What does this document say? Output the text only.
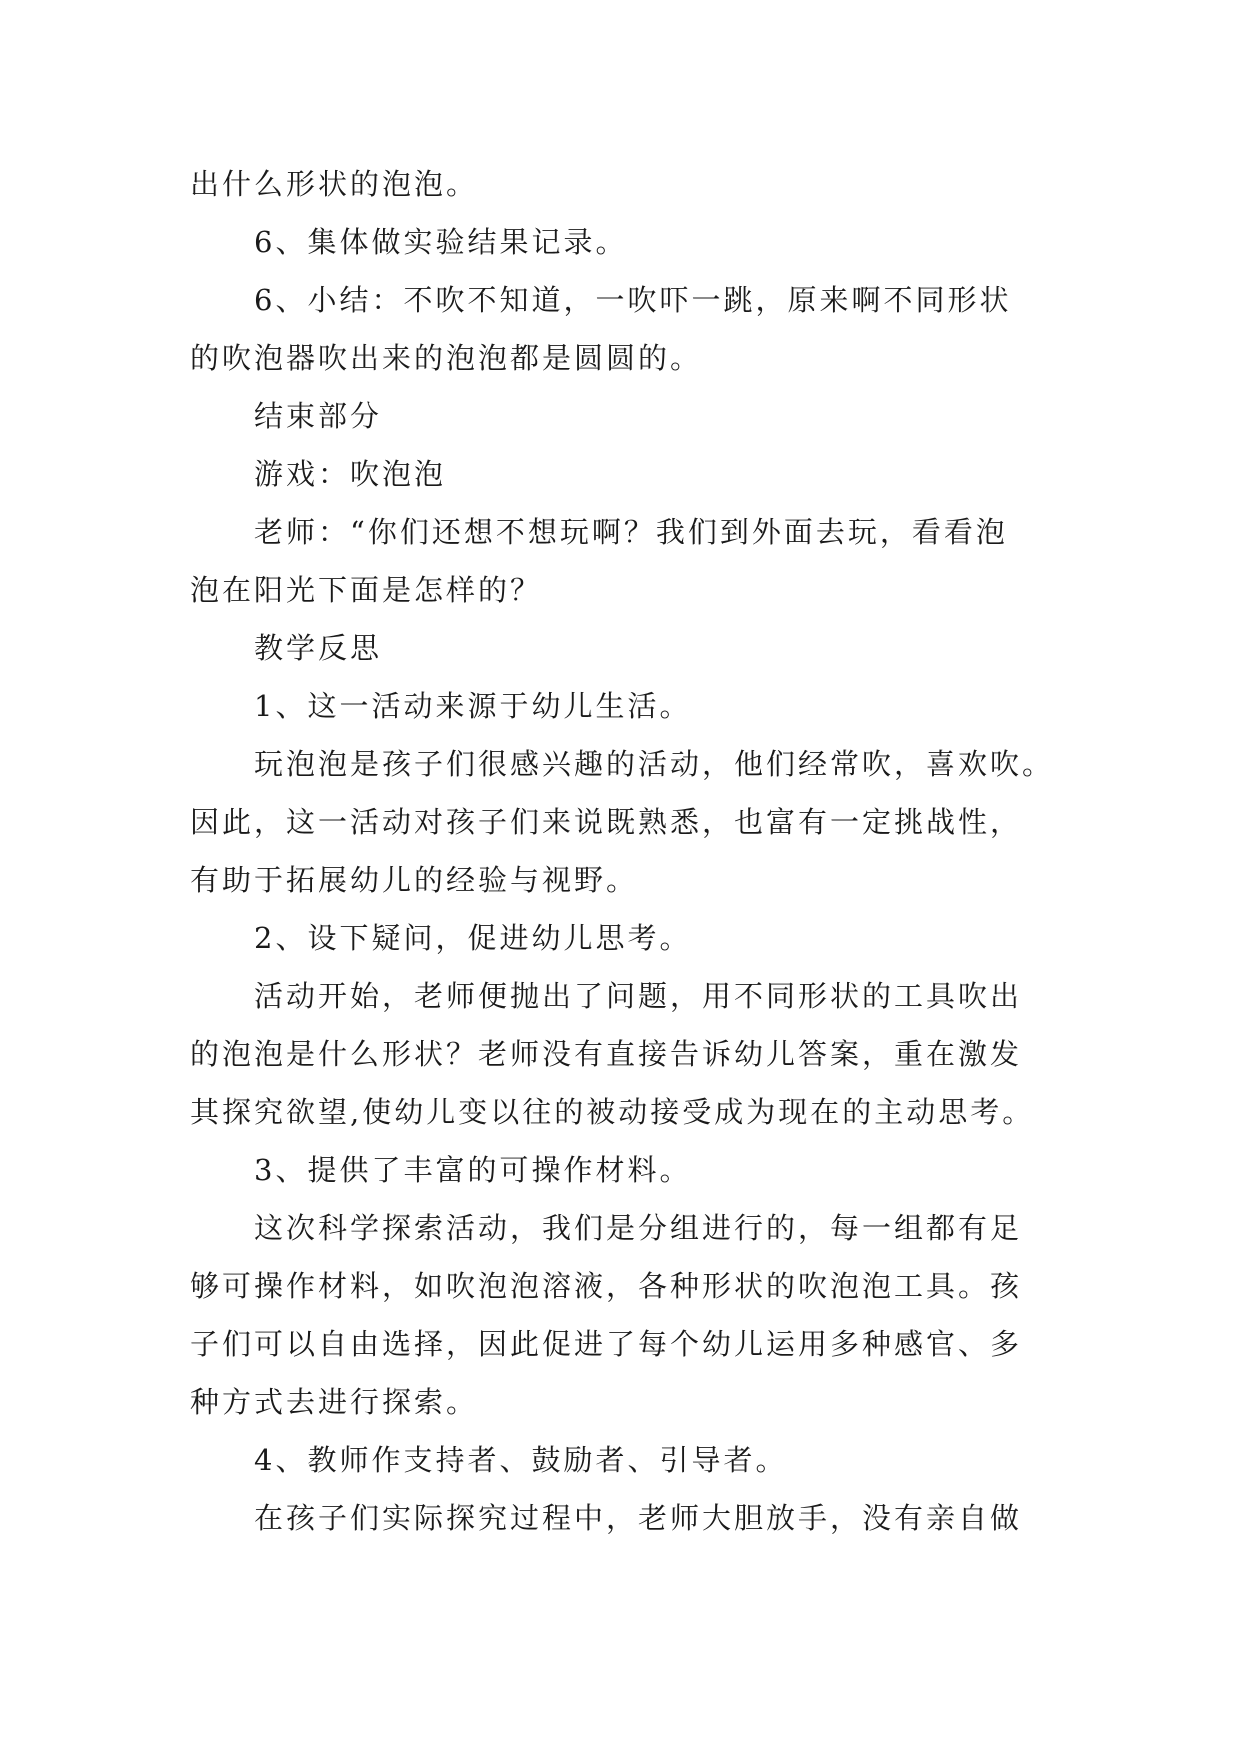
出什么形状的泡泡。
6、集体做实验结果记录。
6、小结：不吹不知道，一吹吓一跳，原来啊不同形状
的吹泡器吹出来的泡泡都是圆圆的。
结束部分
游戏：吹泡泡
老师：“你们还想不想玩啊？我们到外面去玩，看看泡
泡在阳光下面是怎样的？
教学反思
1、这一活动来源于幼儿生活。
玩泡泡是孩子们很感兴趣的活动，他们经常吹，喜欢吹。
因此，这一活动对孩子们来说既熟悉，也富有一定挑战性，
有助于拓展幼儿的经验与视野。
2、设下疑问，促进幼儿思考。
活动开始，老师便抛出了问题，用不同形状的工具吹出
的泡泡是什么形状？老师没有直接告诉幼儿答案，重在激发
其探究欲望,使幼儿变以往的被动接受成为现在的主动思考。
3、提供了丰富的可操作材料。
这次科学探索活动，我们是分组进行的，每一组都有足
够可操作材料，如吹泡泡溶液，各种形状的吹泡泡工具。孩
子们可以自由选择，因此促进了每个幼儿运用多种感官、多
种方式去进行探索。
4、教师作支持者、鼓励者、引导者。
在孩子们实际探究过程中，老师大胆放手，没有亲自做
